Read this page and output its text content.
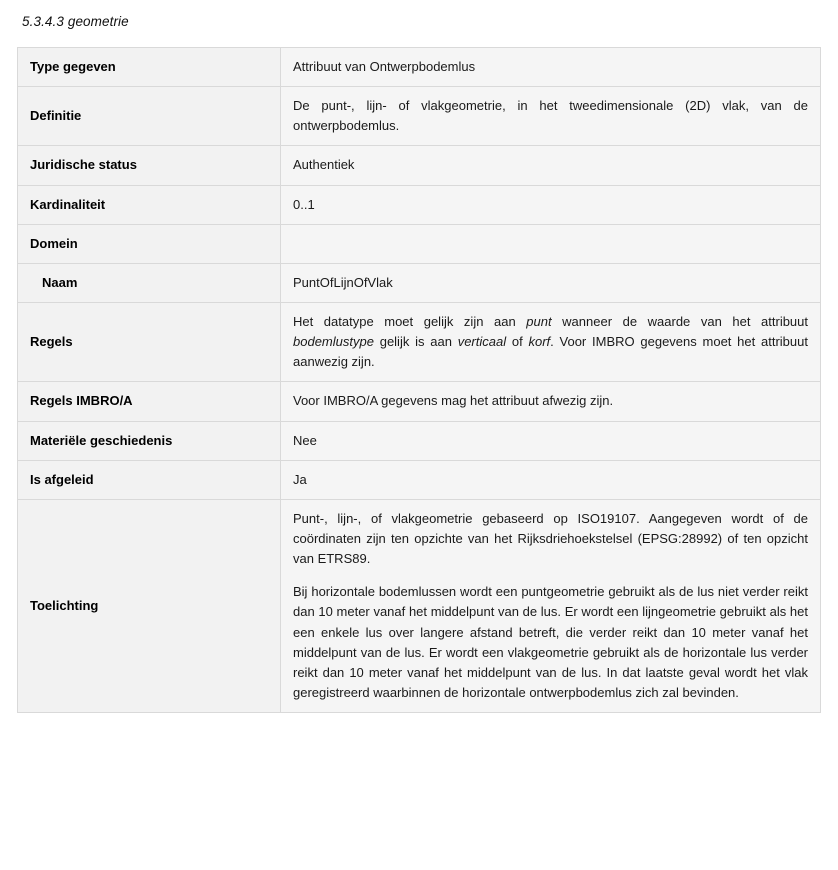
5.3.4.3 geometrie
Type gegeven	Attribuut van Ontwerpbodemlus
Definitie	De punt-, lijn- of vlakgeometrie, in het tweedimensionale (2D) vlak, van de ontwerpbodemlus.
Juridische status	Authentiek
Kardinaliteit	0..1
Domein	
Naam	PuntOfLijnOfVlak
Regels	Het datatype moet gelijk zijn aan punt wanneer de waarde van het attribuut bodemlustype gelijk is aan verticaal of korf. Voor IMBRO gegevens moet het attribuut aanwezig zijn.
Regels IMBRO/A	Voor IMBRO/A gegevens mag het attribuut afwezig zijn.
Materiële geschiedenis	Nee
Is afgeleid	Ja
Toelichting	Punt-, lijn-, of vlakgeometrie gebaseerd op ISO19107. Aangegeven wordt of de coördinaten zijn ten opzichte van het Rijksdriehoekstelsel (EPSG:28992) of ten opzicht van ETRS89.

Bij horizontale bodemlussen wordt een puntgeometrie gebruikt als de lus niet verder reikt dan 10 meter vanaf het middelpunt van de lus. Er wordt een lijngeometrie gebruikt als het een enkele lus over langere afstand betreft, die verder reikt dan 10 meter vanaf het middelpunt van de lus. Er wordt een vlakgeometrie gebruikt als de horizontale lus verder reikt dan 10 meter vanaf het middelpunt van de lus. In dat laatste geval wordt het vlak geregistreerd waarbinnen de horizontale ontwerpbodemlus zich zal bevinden.
